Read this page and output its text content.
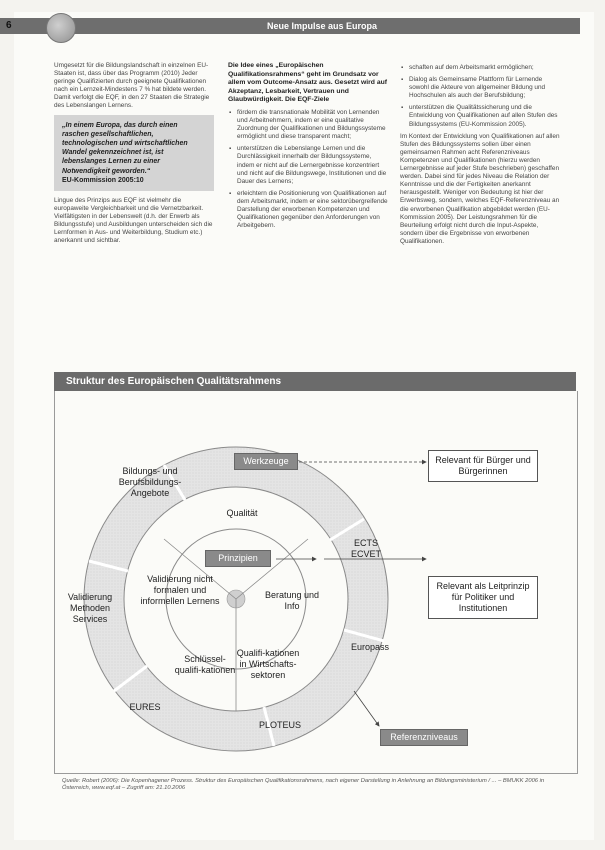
6	Neue Impulse aus Europa

Umgesetzt für die Bildungslandschaft in einzelnen EU-Staaten ist, dass über das Programm (2010) Jeder geringe Qualifizierten durch geeignete Qualifikationen nach ein Lernzeit-Mindestens 7 % hat bildete werden. Damit verfolgt die EQF, in den 27 Staaten die Strategie des Lebenslangen Lernens.

„In einem Europa, das durch einen raschen gesellschaftlichen, technologischen und wirtschaftlichen Wandel gekennzeichnet ist, ist lebenslanges Lernen zu einer Notwendigkeit geworden.“
EU-Kommission 2005:10

Lingue des Prinzips aus EQF ist vielmehr die europaweite Vergleichbarkeit und die Vernetzbarkeit. Vielfältigsten in der Lebenswelt (d.h. der Erwerb als Bildungsstufe) und Ausbildungen unterscheiden sich die Lernformen in Aus- und Weiterbildung, Studium etc.) anerkannt und sichtbar.

Die Idee eines „Europäischen Qualifikationsrahmens“ geht im Grundsatz vor allem vom Outcome-Ansatz aus. Gesetzt wird auf Akzeptanz, Lesbarkeit, Vertrauen und Glaubwürdigkeit. Die EQF-Ziele

▪ fördern die transnationale Mobilität von Lernenden und Arbeitnehmern, indem er eine qualitative Zuordnung der Qualifikationen und Bildungssysteme ermöglicht und diese transparent macht;
▪ unterstützen die Lebenslange Lernen und die Durchlässigkeit innerhalb der Bildungssysteme, indem er nicht auf die Lernergebnisse konzentriert und nicht auf die Bildungswege, Institutionen und die Dauer des Lernens;
▪ erleichtern die Positionierung von Qualifikationen auf dem Arbeitsmarkt, indem er eine sektorübergreifende Darstellung der erworbenen Kompetenzen und Qualifikationen gegenüber den Anforderungen von Arbeitgebern.
▪ schaften auf dem Arbeitsmarkt ermöglichen;
▪ Dialog als Gemeinsame Plattform für Lernende sowohl die Akteure von allgemeiner Bildung und Hochschulen als auch der Berufsbildung;
▪ unterstützen die Qualitätssicherung und die Entwicklung von Qualifikationen auf allen Stufen des Bildungssystems (EU-Kommission 2005).

Im Kontext der Entwicklung von Qualifikationen auf allen Stufen des Bildungssystems sollen über einen gemeinsamen Rahmen acht Referenzniveaus Kompetenzen und Qualifikationen (hierzu werden Lernergebnisse auf jeder Stufe beschrieben) geschaffen werden. Dabei sind für jedes Niveau die Relation der Kenntnisse und die der Fertigkeiten anerkannt herausgestellt. Weniger von Bedeutung ist hier der Erwerbsweg, sondern, welches EQF-Referenzniveau an die erworbenen Qualifikation abgebildet werden (EU-Kommission 2005). Der Leistungsrahmen für die Beurteilung erfolgt nicht durch die Input-Aspekte, sondern über die Ergebnisse von erworbenen Qualifikationen.

Struktur des Europäischen Qualitätsrahmens
Werkzeuge
Prinzipien
Referenzniveaus
Relevant für Bürger und Bürgerinnen
Relevant als Leitprinzip für Politiker und Institutionen
Bildungs- und Berufsbildungs-Angebote
Qualität
ECTS ECVET
Validierung nicht formalen und informellen Lernens
Beratung und Info
Validierung Methoden Services
Europass
Schlüssel-qualifi-kationen
Qualifi-kationen in Wirtschafts-sektoren
EURES
PLOTEUS
Quelle: Robert (2006): Die Kopenhagener Prozess. Struktur des Europäischen Qualifikationsrahmens, nach eigener Darstellung in Anlehnung an Bildungsministerium / ... – BMUKK 2006 in Österreich, www.eqf.at – Zugriff am: 21.10.2006
